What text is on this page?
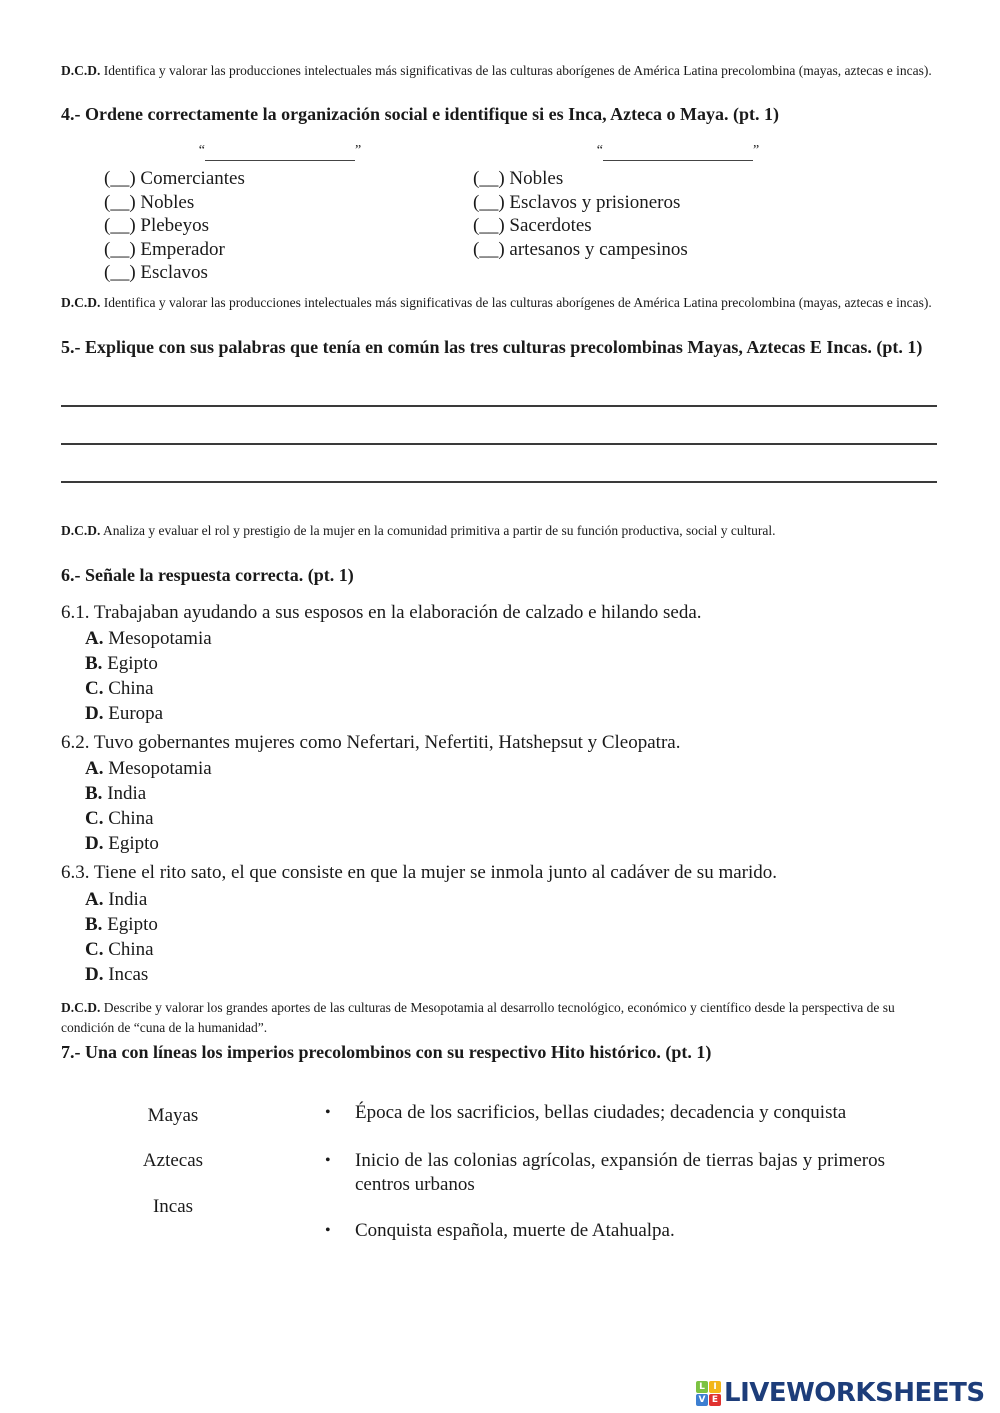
D.C.D. Identifica y valorar las producciones intelectuales más significativas de las culturas aborígenes de América Latina precolombina (mayas, aztecas e incas).
4.- Ordene correctamente la organización social e identifique si es Inca, Azteca o Maya. (pt. 1)
“	”	“	”
(__) Comerciantes
(__) Nobles
(__) Plebeyos
(__) Emperador
(__) Esclavos
(__) Nobles
(__) Esclavos y prisioneros
(__) Sacerdotes
(__) artesanos y campesinos
D.C.D. Identifica y valorar las producciones intelectuales más significativas de las culturas aborígenes de América Latina precolombina (mayas, aztecas e incas).
5.- Explique con sus palabras que tenía en común las tres culturas precolombinas Mayas, Aztecas E Incas. (pt. 1)
D.C.D. Analiza y evaluar el rol y prestigio de la mujer en la comunidad primitiva a partir de su función productiva, social y cultural.
6.- Señale la respuesta correcta. (pt. 1)
6.1. Trabajaban ayudando a sus esposos en la elaboración de calzado e hilando seda.
A. Mesopotamia
B. Egipto
C. China
D. Europa
6.2. Tuvo gobernantes mujeres como Nefertari, Nefertiti, Hatshepsut y Cleopatra.
A. Mesopotamia
B. India
C. China
D. Egipto
6.3. Tiene el rito sato, el que consiste en que la mujer se inmola junto al cadáver de su marido.
A. India
B. Egipto
C. China
D. Incas
D.C.D. Describe y valorar los grandes aportes de las culturas de Mesopotamia al desarrollo tecnológico, económico y científico desde la perspectiva de su condición de “cuna de la humanidad”.
7.- Una con líneas los imperios precolombinos con su respectivo Hito histórico. (pt. 1)
Mayas
Aztecas
Incas
• Época de los sacrificios, bellas ciudades; decadencia y conquista
• Inicio de las colonias agrícolas, expansión de tierras bajas y primeros centros urbanos
• Conquista española, muerte de Atahualpa.
L I
V E LIVEWORKSHEETS
